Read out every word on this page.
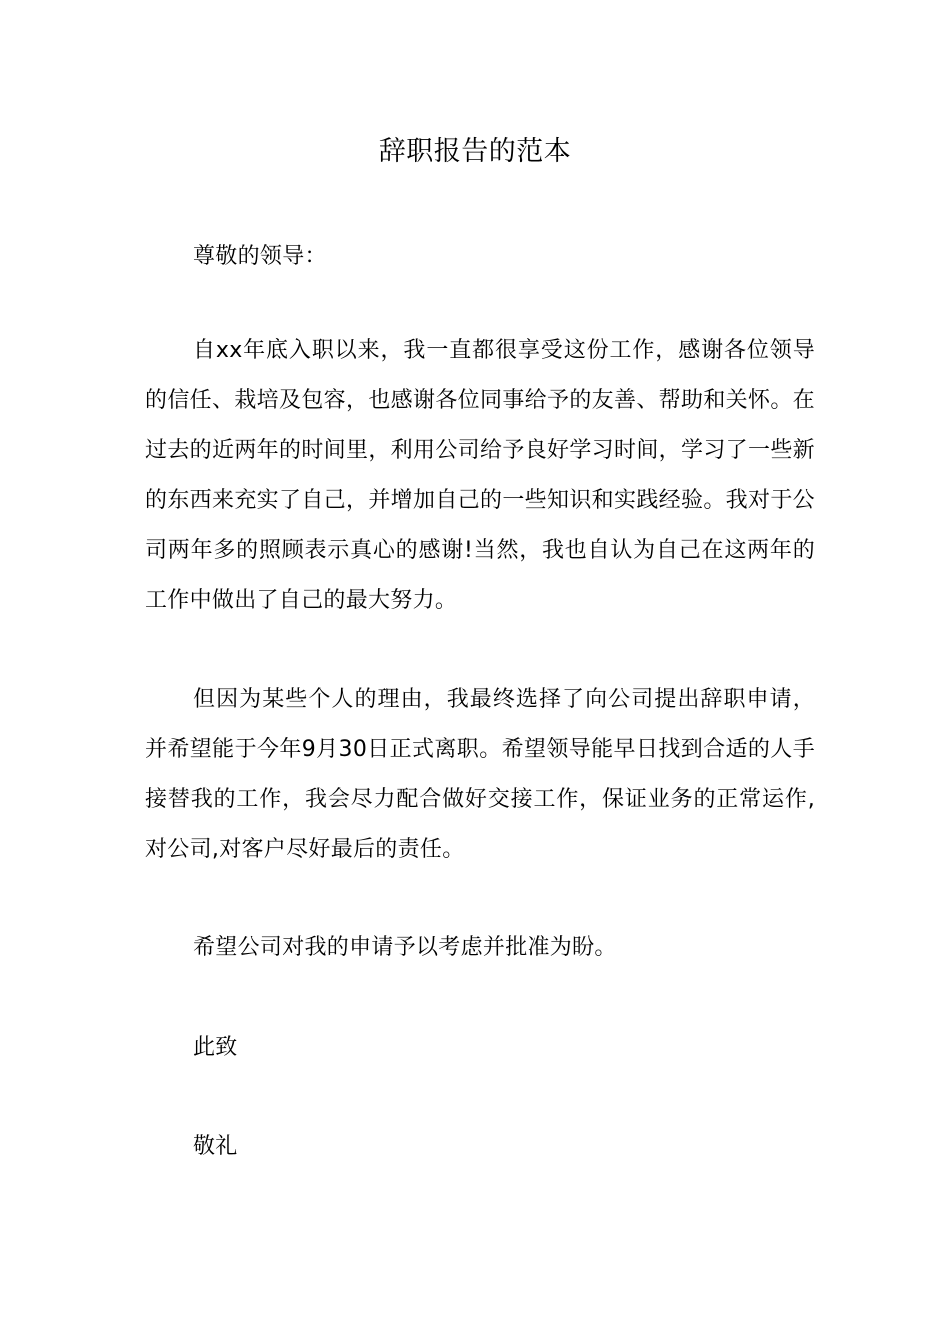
辞职报告的范本

尊敬的领导：

自xx年底入职以来，我一直都很享受这份工作，感谢各位领导的信任、栽培及包容，也感谢各位同事给予的友善、帮助和关怀。在过去的近两年的时间里，利用公司给予良好学习时间，学习了一些新的东西来充实了自己，并增加自己的一些知识和实践经验。我对于公司两年多的照顾表示真心的感谢!当然，我也自认为自己在这两年的工作中做出了自己的最大努力。

但因为某些个人的理由，我最终选择了向公司提出辞职申请，并希望能于今年9月30日正式离职。希望领导能早日找到合适的人手接替我的工作，我会尽力配合做好交接工作，保证业务的正常运作,对公司,对客户尽好最后的责任。

希望公司对我的申请予以考虑并批准为盼。

此致

敬礼
